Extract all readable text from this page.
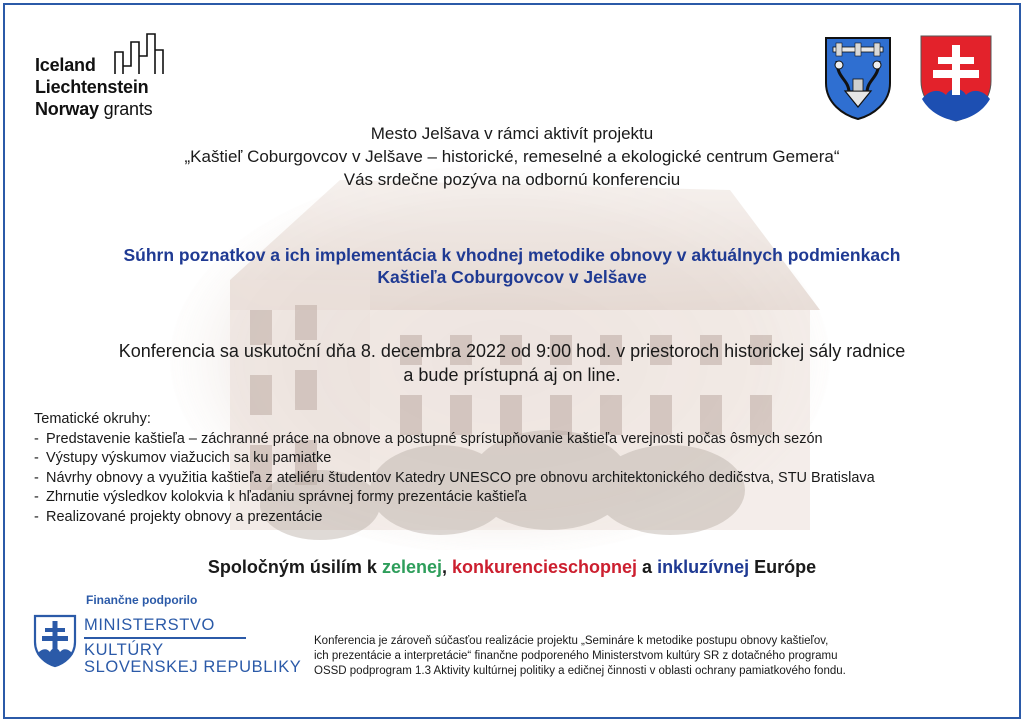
Iceland
Liechtenstein
Norway grants
Mesto Jelšava v rámci aktivít projektu
„Kaštieľ Coburgovcov v Jelšave – historické, remeselné a ekologické centrum Gemera“
Vás srdečne pozýva na odbornú konferenciu
Súhrn poznatkov a ich implementácia k vhodnej metodike obnovy v aktuálnych podmienkach
Kaštieľa Coburgovcov v Jelšave
Konferencia sa uskutoční dňa 8. decembra 2022 od 9:00 hod. v priestoroch historickej sály radnice
a bude prístupná aj on line.
Tematické okruhy:
- Predstavenie kaštieľa – záchranné práce na obnove a postupné sprístupňovanie kaštieľa verejnosti počas ôsmych sezón
- Výstupy výskumov viažucich sa ku pamiatke
- Návrhy obnovy a využitia kaštieľa z ateliéru študentov Katedry UNESCO pre obnovu architektonického dedičstva, STU Bratislava
- Zhrnutie výsledkov kolokvia k hľadaniu správnej formy prezentácie kaštieľa
- Realizované projekty obnovy a prezentácie
Spoločným úsilím k zelenej, konkurencieschopnej a inkluzívnej Európe
Finančne podporilo
MINISTERSTVO
KULTÚRY
SLOVENSKEJ REPUBLIKY
Konferencia je zároveň súčasťou realizácie projektu „Semináre k metodike postupu obnovy kaštieľov,
ich prezentácie a interpretácie“ finančne podporeného Ministerstvom kultúry SR z dotačného programu
OSSD podprogram 1.3 Aktivity kultúrnej politiky a edičnej činnosti v oblasti ochrany pamiatkového fondu.
